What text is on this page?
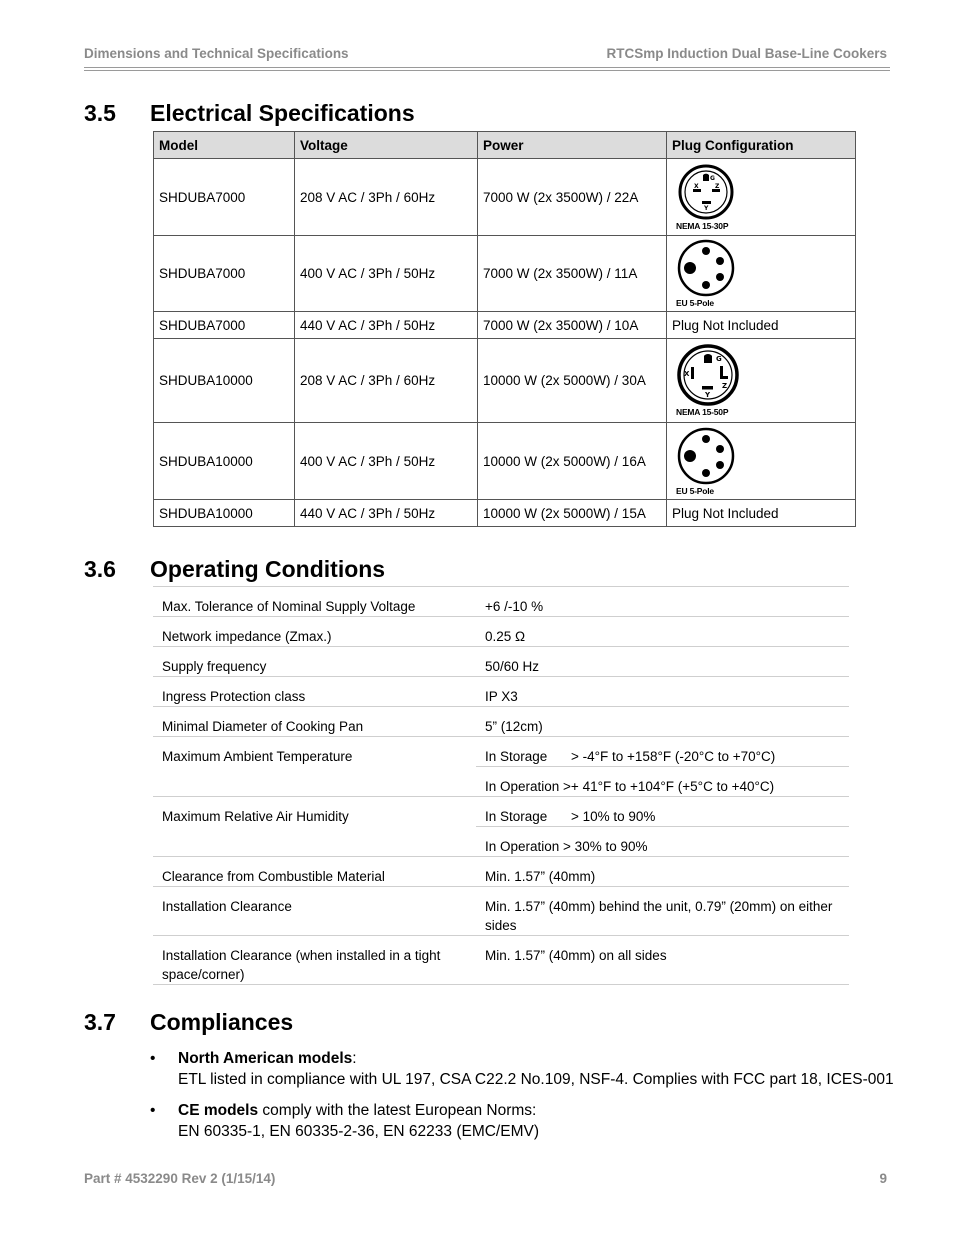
Dimensions and Technical Specifications	RTCSmp Induction Dual Base-Line Cookers
3.5 Electrical Specifications
Model	Voltage	Power	Plug Configuration
SHDUBA7000	208 V AC / 3Ph / 60Hz	7000 W (2x 3500W) / 22A	G
X Z
Y
NEMA 15-30P

SHDUBA7000	400 V AC / 3Ph / 50Hz	7000 W (2x 3500W) / 11A	EU 5-Pole

SHDUBA7000	440 V AC / 3Ph / 50Hz	7000 W (2x 3500W) / 10A	Plug Not Included
SHDUBA10000	208 V AC / 3Ph / 60Hz	10000 W (2x 5000W) / 30A	G
X
Z
Y
NEMA 15-50P

SHDUBA10000	400 V AC / 3Ph / 50Hz	10000 W (2x 5000W) / 16A	EU 5-Pole

SHDUBA10000	440 V AC / 3Ph / 50Hz	10000 W (2x 5000W) / 15A	Plug Not Included
3.6 Operating Conditions
Max. Tolerance of Nominal Supply Voltage	+6 /-10 %
Network impedance (Zmax.)	0.25 Ω
Supply frequency	50/60 Hz
Ingress Protection class	IP X3
Minimal Diameter of Cooking Pan	5” (12cm)
Maximum Ambient Temperature	In Storage > -4°F to +158°F (-20°C to +70°C)
	In Operation >+ 41°F to +104°F (+5°C to +40°C)
Maximum Relative Air Humidity	In Storage > 10% to 90%
	In Operation > 30% to 90%
Clearance from Combustible Material	Min. 1.57” (40mm)
Installation Clearance	Min. 1.57” (40mm) behind the unit, 0.79” (20mm) on either sides
Installation Clearance (when installed in a tight space/corner)	Min. 1.57” (40mm) on all sides
3.7 Compliances
• North American models:
ETL listed in compliance with UL 197, CSA C22.2 No.109, NSF-4. Complies with FCC part 18, ICES-001
• CE models comply with the latest European Norms:
EN 60335-1, EN 60335-2-36, EN 62233 (EMC/EMV)
Part # 4532290 Rev 2 (1/15/14)	9
